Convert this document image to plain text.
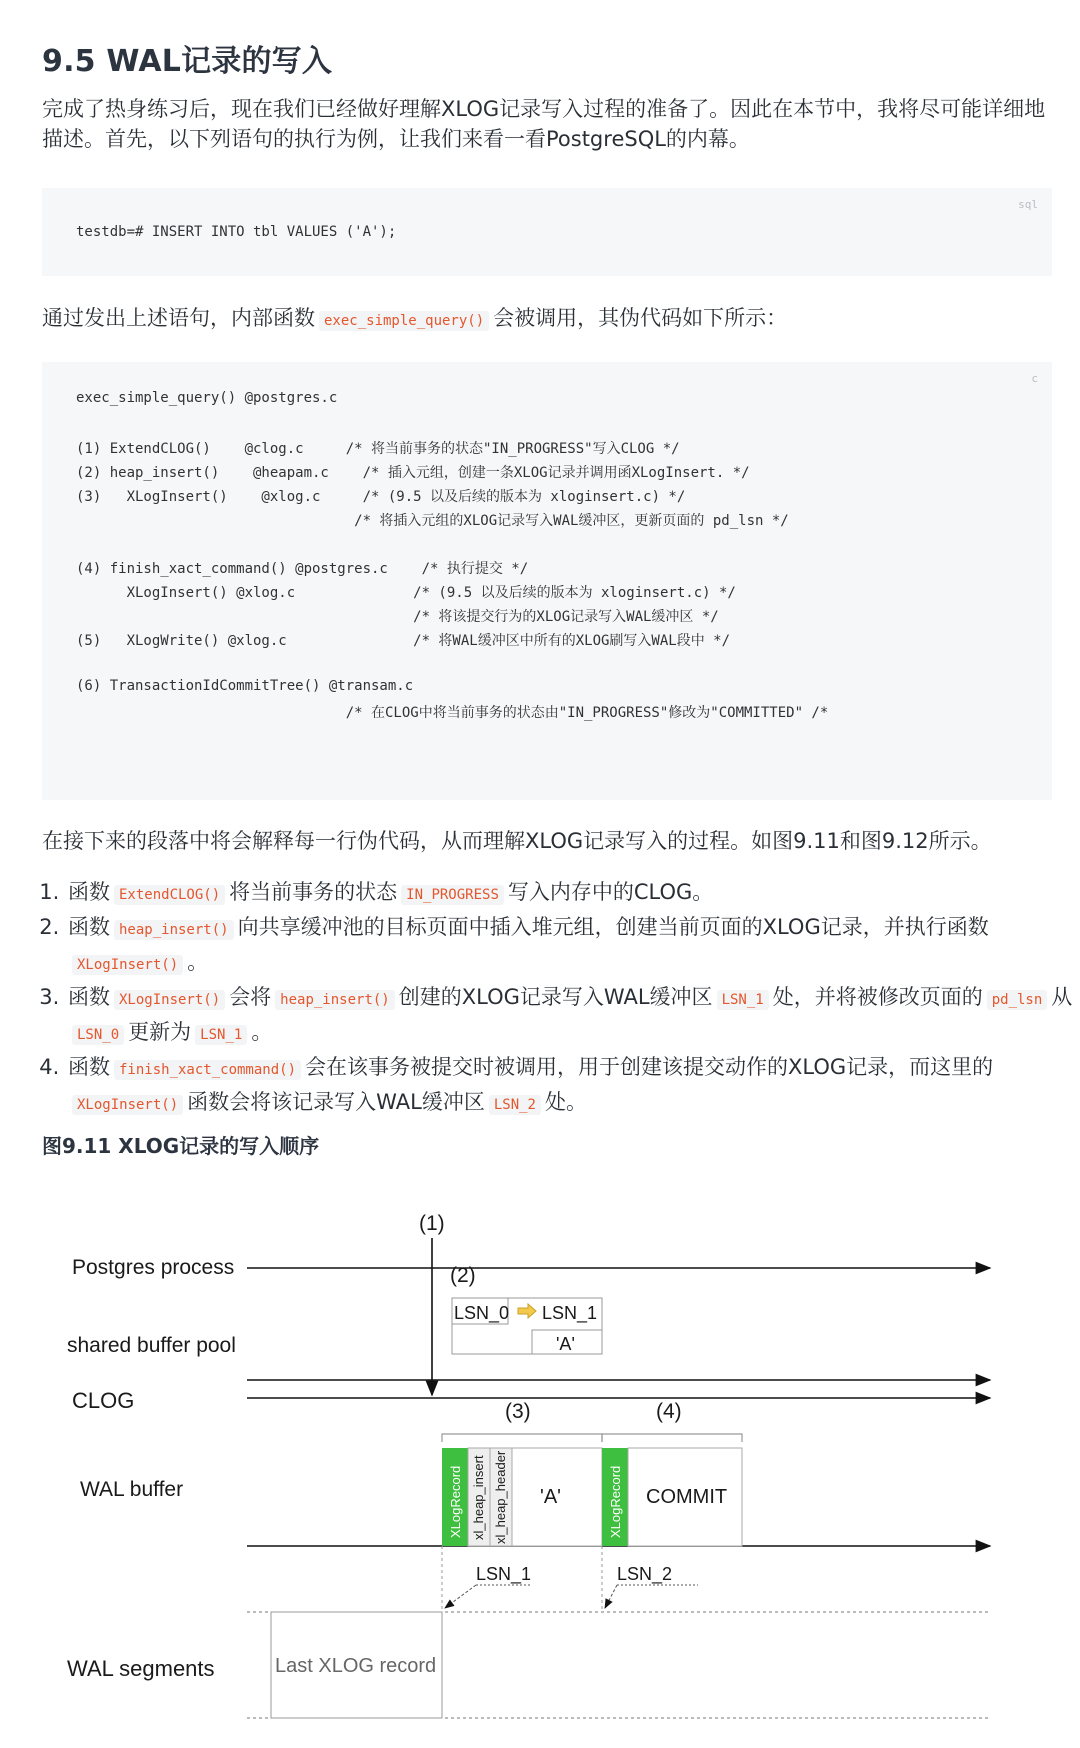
9.5 WAL记录的写入

完成了热身练习后，现在我们已经做好理解XLOG记录写入过程的准备了。因此在本节中，我将尽可能详细地描述。首先，以下列语句的执行为例，让我们来看一看PostgreSQL的内幕。

sql
testdb=# INSERT INTO tbl VALUES ('A');

通过发出上述语句，内部函数 exec_simple_query() 会被调用，其伪代码如下所示：

c
exec_simple_query() @postgres.c
(1) ExtendCLOG()    @clog.c     /* 将当前事务的状态"IN_PROGRESS"写入CLOG */
(2) heap_insert()    @heapam.c    /* 插入元组，创建一条XLOG记录并调用函XLogInsert. */
(3)   XLogInsert()    @xlog.c     /* (9.5 以及后续的版本为 xloginsert.c) */
/* 将插入元组的XLOG记录写入WAL缓冲区，更新页面的 pd_lsn */
(4) finish_xact_command() @postgres.c    /* 执行提交 */
XLogInsert() @xlog.c              /* (9.5 以及后续的版本为 xloginsert.c) */
/* 将该提交行为的XLOG记录写入WAL缓冲区 */
(5)   XLogWrite() @xlog.c               /* 将WAL缓冲区中所有的XLOG刷写入WAL段中 */
(6) TransactionIdCommitTree() @transam.c
/* 在CLOG中将当前事务的状态由"IN_PROGRESS"修改为"COMMITTED" /*

在接下来的段落中将会解释每一行伪代码，从而理解XLOG记录写入的过程。如图9.11和图9.12所示。

1. 函数 ExtendCLOG() 将当前事务的状态 IN_PROGRESS 写入内存中的CLOG。
2. 函数 heap_insert() 向共享缓冲池的目标页面中插入堆元组，创建当前页面的XLOG记录，并执行函数XLogInsert() 。
3. 函数 XLogInsert() 会将 heap_insert() 创建的XLOG记录写入WAL缓冲区 LSN_1 处，并将被修改页面的 pd_lsn 从LSN_0 更新为 LSN_1 。
4. 函数 finish_xact_command() 会在该事务被提交时被调用，用于创建该提交动作的XLOG记录，而这里的XLogInsert() 函数会将该记录写入WAL缓冲区 LSN_2 处。

图9.11 XLOG记录的写入顺序

Postgres process
shared buffer pool
CLOG
WAL buffer
WAL segments
(1)
(2)
LSN_0 LSN_1
'A'
(3)	(4)
XLogRecord xl_heap_insert xl_heap_header 'A'	XLogRecord COMMIT
LSN_1	LSN_2
Last XLOG record
